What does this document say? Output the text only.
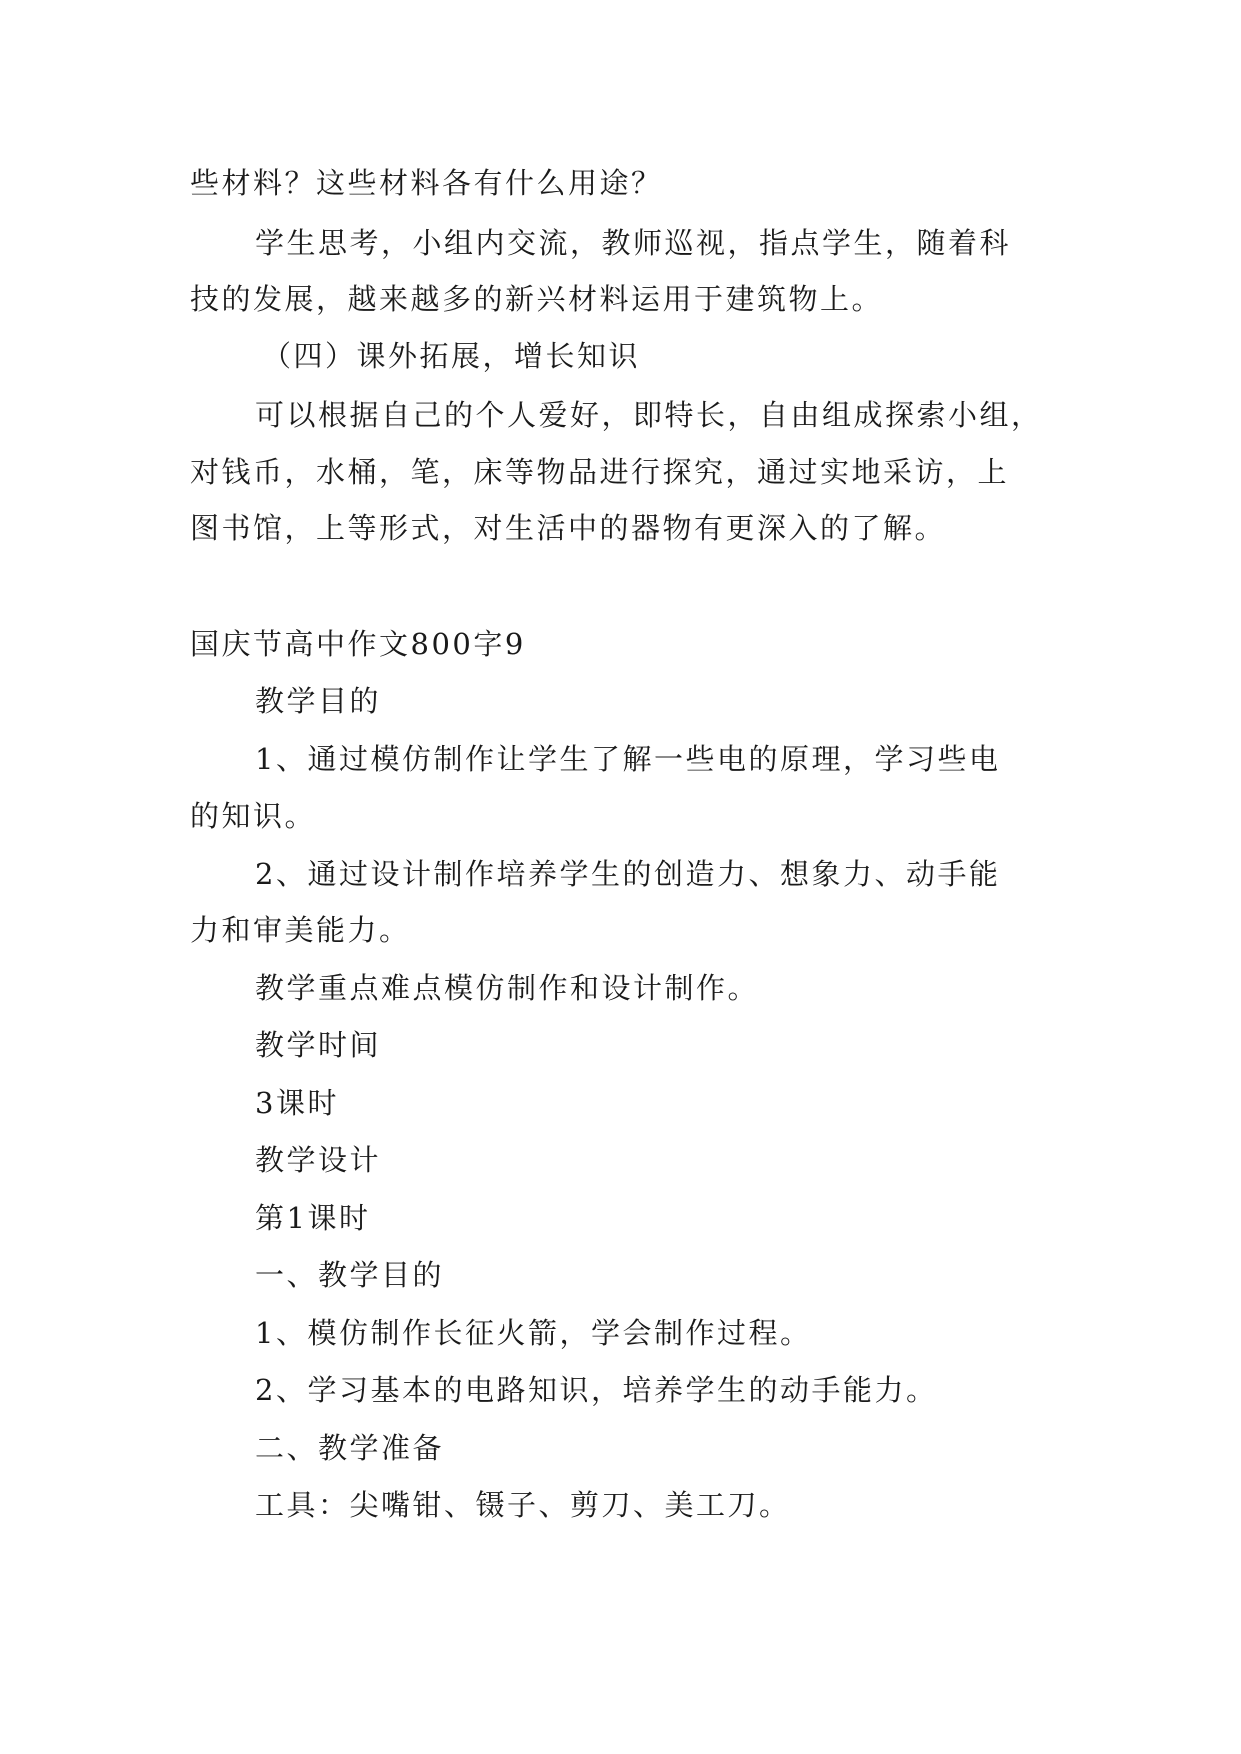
些材料？这些材料各有什么用途？
学生思考，小组内交流，教师巡视，指点学生，随着科
技的发展，越来越多的新兴材料运用于建筑物上。
（四）课外拓展，增长知识
可以根据自己的个人爱好，即特长，自由组成探索小组，
对钱币，水桶，笔，床等物品进行探究，通过实地采访，上
图书馆，上等形式，对生活中的器物有更深入的了解。
国庆节高中作文800字9
教学目的
1、通过模仿制作让学生了解一些电的原理，学习些电
的知识。
2、通过设计制作培养学生的创造力、想象力、动手能
力和审美能力。
教学重点难点模仿制作和设计制作。
教学时间
3课时
教学设计
第1课时
一、教学目的
1、模仿制作长征火箭，学会制作过程。
2、学习基本的电路知识，培养学生的动手能力。
二、教学准备
工具：尖嘴钳、镊子、剪刀、美工刀。
